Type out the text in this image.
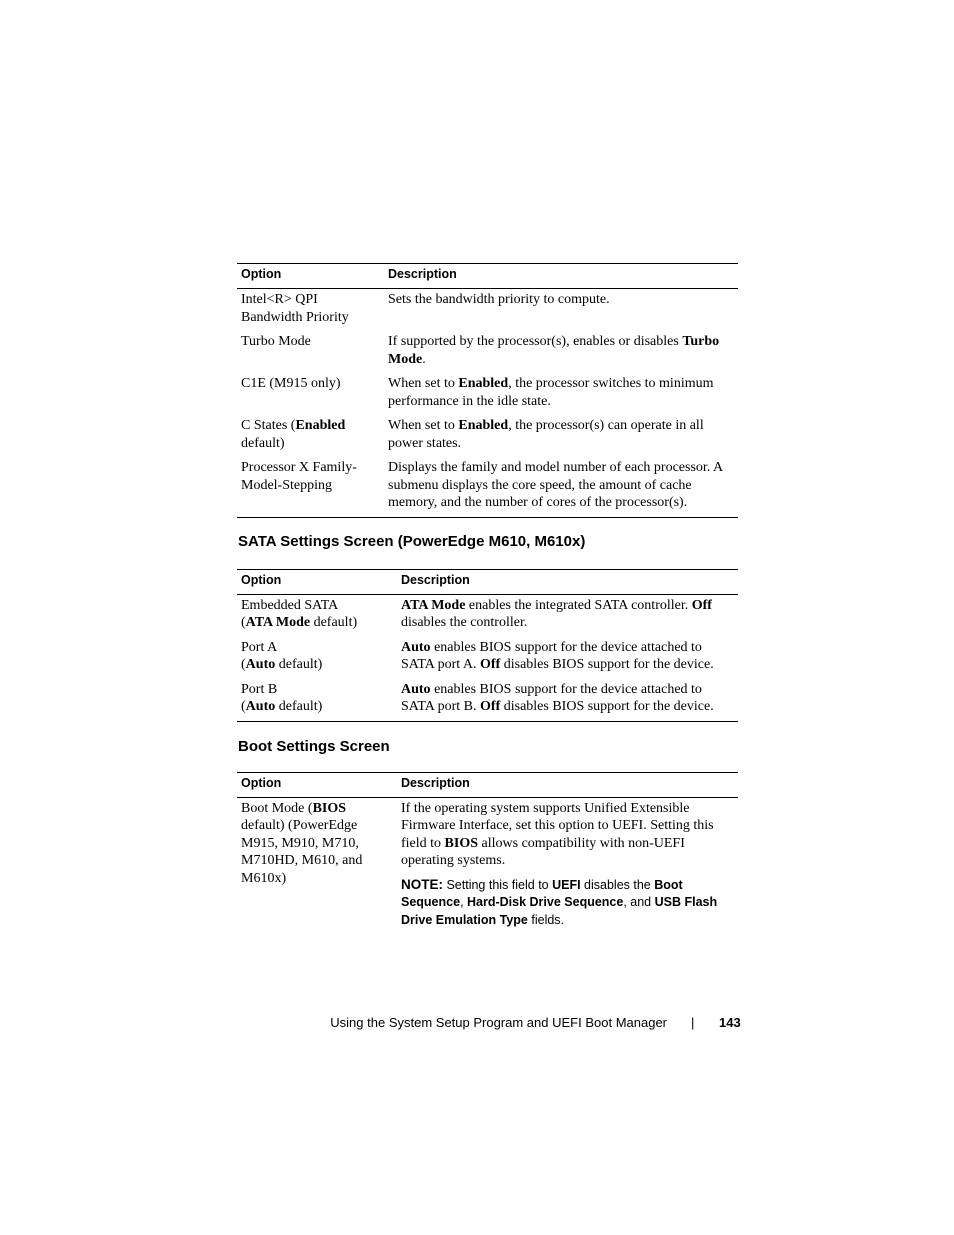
Option	Description
Intel<R> QPI Bandwidth Priority	Sets the bandwidth priority to compute.
Turbo Mode	If supported by the processor(s), enables or disables Turbo Mode.
C1E (M915 only)	When set to Enabled, the processor switches to minimum performance in the idle state.
C States (Enabled default)	When set to Enabled, the processor(s) can operate in all power states.
Processor X Family-Model-Stepping	Displays the family and model number of each processor. A submenu displays the core speed, the amount of cache memory, and the number of cores of the processor(s).
SATA Settings Screen (PowerEdge M610, M610x)
Option	Description
Embedded SATA
(ATA Mode default)	ATA Mode enables the integrated SATA controller. Off disables the controller.
Port A
(Auto default)	Auto enables BIOS support for the device attached to SATA port A. Off disables BIOS support for the device.
Port B
(Auto default)	Auto enables BIOS support for the device attached to SATA port B. Off disables BIOS support for the device.
Boot Settings Screen
Option	Description
Boot Mode (BIOS default) (PowerEdge M915, M910, M710, M710HD, M610, and M610x)	If the operating system supports Unified Extensible Firmware Interface, set this option to UEFI. Setting this field to BIOS allows compatibility with non-UEFI operating systems.
NOTE: Setting this field to UEFI disables the Boot Sequence, Hard-Disk Drive Sequence, and USB Flash Drive Emulation Type fields.
Using the System Setup Program and UEFI Boot Manager | 143
